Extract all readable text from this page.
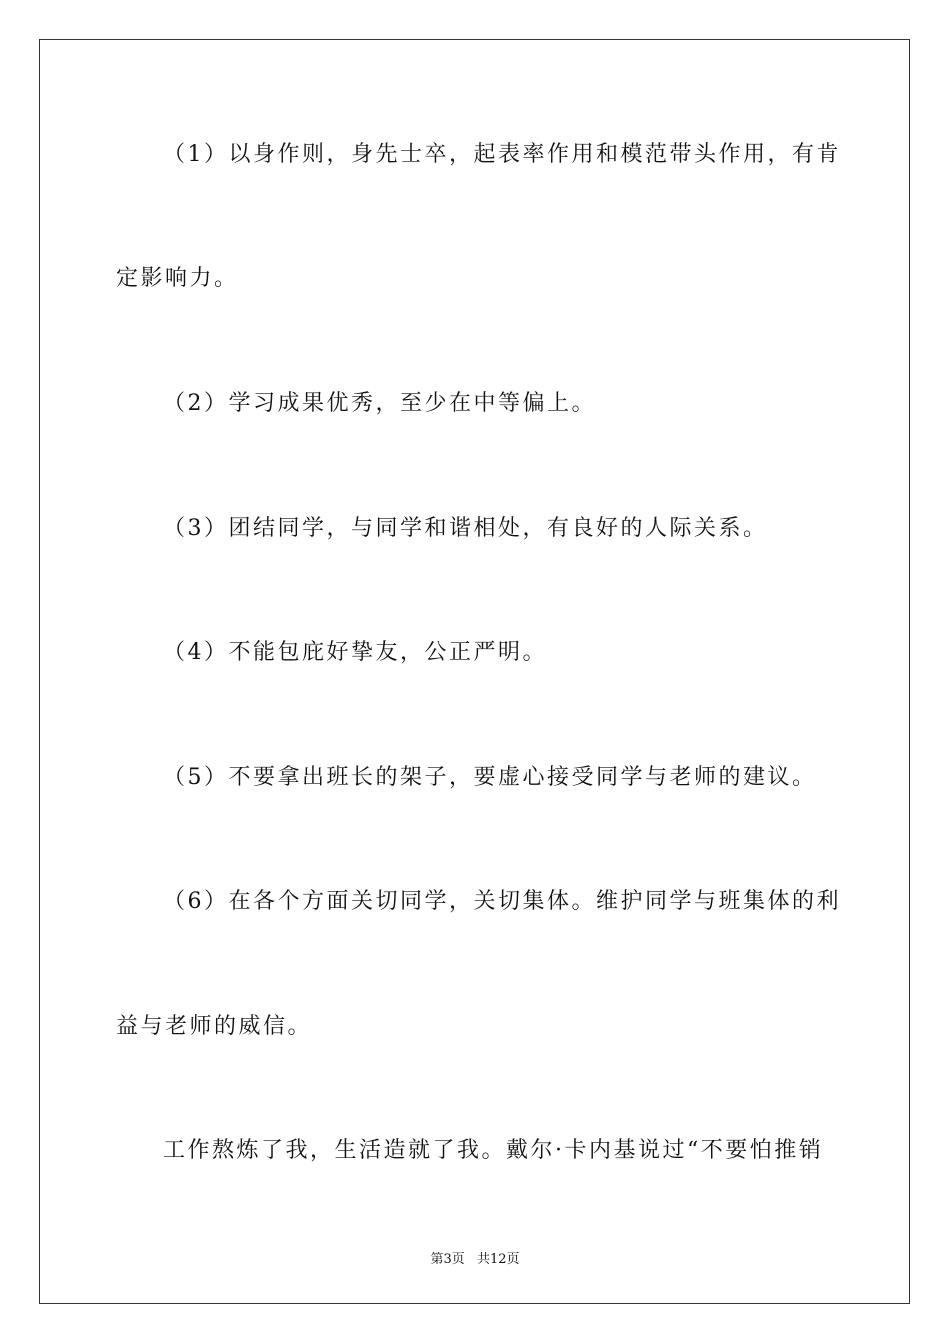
（1）以身作则，身先士卒，起表率作用和模范带头作用，有肯
定影响力。
（2）学习成果优秀，至少在中等偏上。
（3）团结同学，与同学和谐相处，有良好的人际关系。
（4）不能包庇好挚友，公正严明。
（5）不要拿出班长的架子，要虚心接受同学与老师的建议。
（6）在各个方面关切同学，关切集体。维护同学与班集体的利
益与老师的威信。
工作熬炼了我，生活造就了我。戴尔·卡内基说过“不要怕推销
第3页 共12页
